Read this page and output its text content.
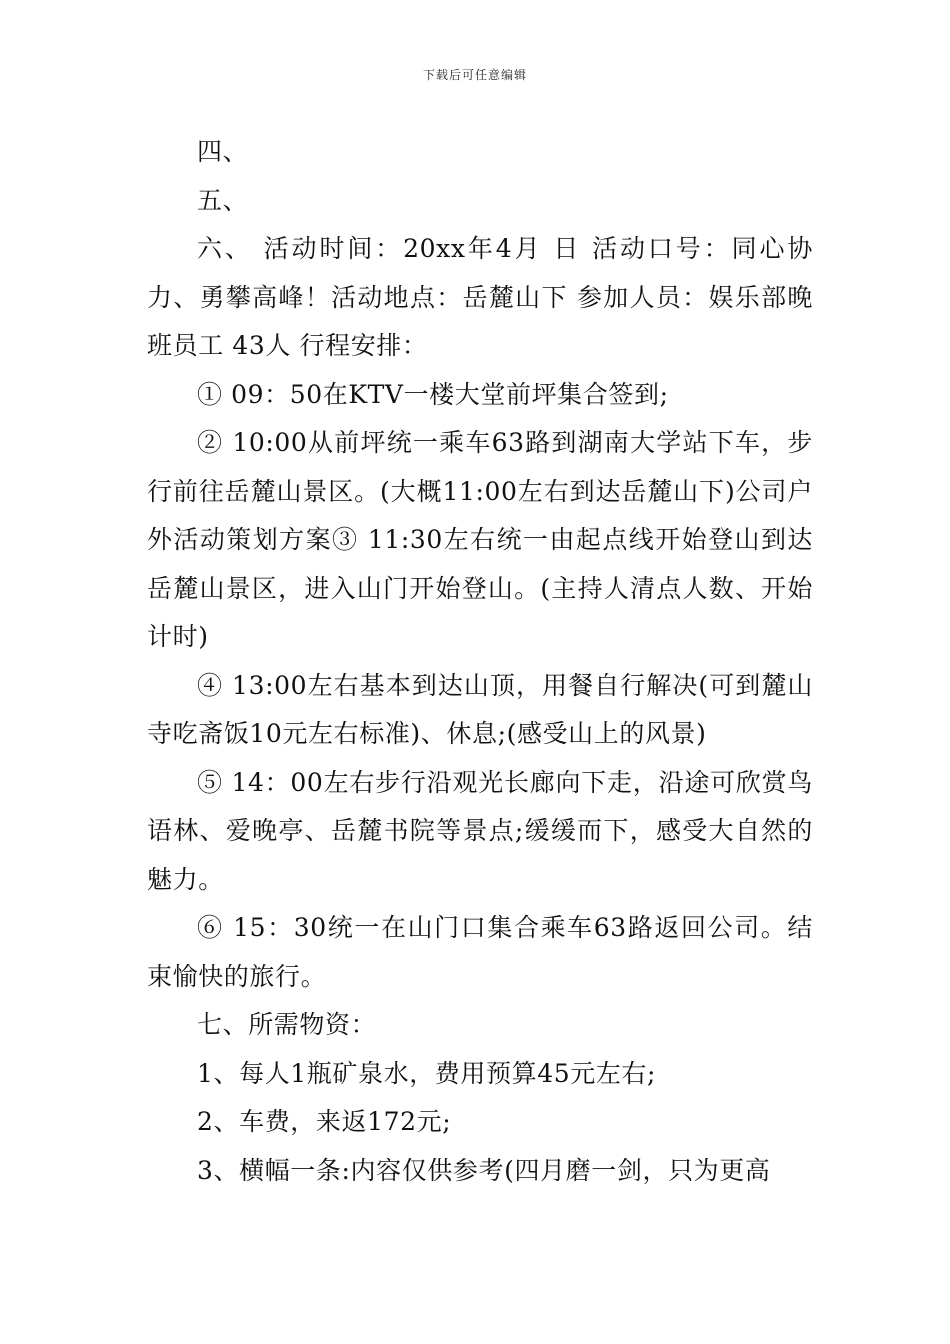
下载后可任意编辑

四、

五、

六、 活动时间：20xx年4月 日 活动口号：同心协力、勇攀高峰！活动地点：岳麓山下 参加人员：娱乐部晚班员工 43人 行程安排：

① 09：50在KTV一楼大堂前坪集合签到;

② 10:00从前坪统一乘车63路到湖南大学站下车，步行前往岳麓山景区。(大概11:00左右到达岳麓山下)公司户外活动策划方案③ 11:30左右统一由起点线开始登山到达岳麓山景区，进入山门开始登山。(主持人清点人数、开始计时)

④ 13:00左右基本到达山顶，用餐自行解决(可到麓山寺吃斋饭10元左右标准)、休息;(感受山上的风景)

⑤ 14：00左右步行沿观光长廊向下走，沿途可欣赏鸟语林、爱晚亭、岳麓书院等景点;缓缓而下，感受大自然的魅力。

⑥ 15：30统一在山门口集合乘车63路返回公司。结束愉快的旅行。

七、所需物资：

1、每人1瓶矿泉水，费用预算45元左右;

2、车费，来返172元;

3、横幅一条:内容仅供参考(四月磨一剑，只为更高
